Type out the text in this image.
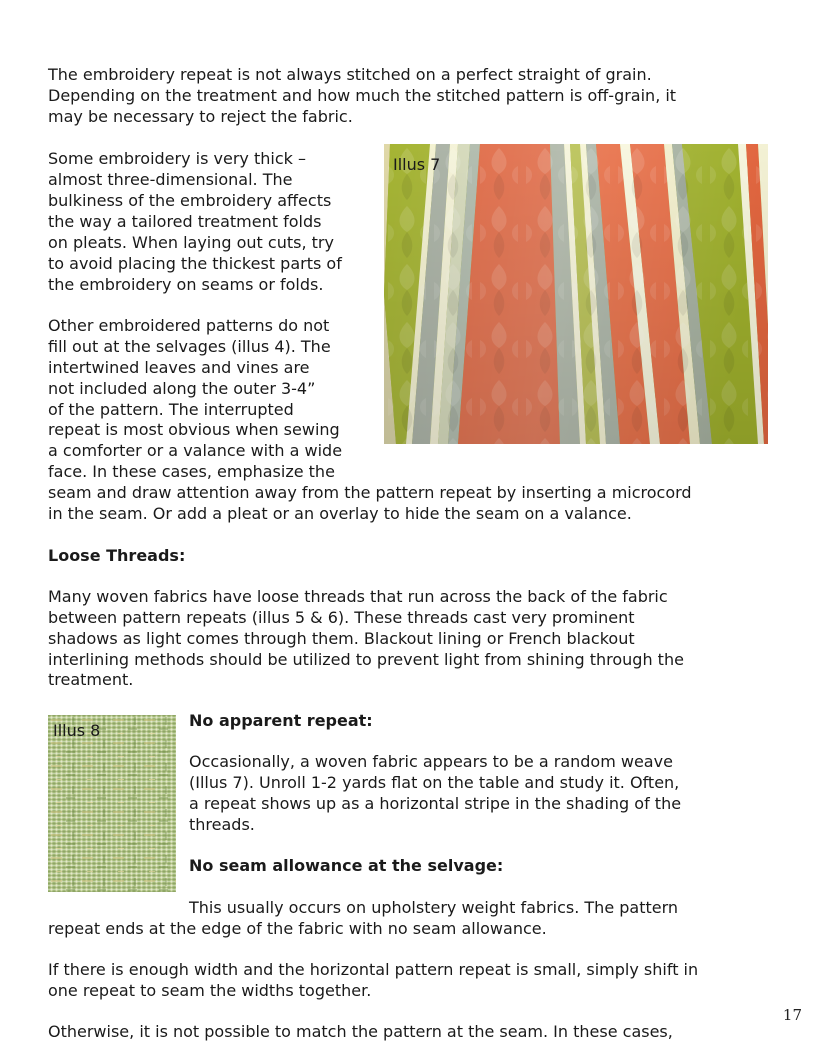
The embroidery repeat is not always stitched on a perfect straight of grain.

Depending on the treatment and how much the stitched pattern is off-grain, it

may be necessary to reject the fabric.

Some embroidery is very thick –

almost three-dimensional. The

bulkiness of the embroidery affects

the way a tailored treatment folds

on pleats. When laying out cuts, try

to avoid placing the thickest parts of

the embroidery on seams or folds.

Other embroidered patterns do not

fill out at the selvages (illus 4). The

intertwined leaves and vines are

not included along the outer 3-4”

of the pattern. The interrupted

repeat is most obvious when sewing

a comforter or a valance with a wide

face. In these cases, emphasize the

seam and draw attention away from the pattern repeat by inserting a microcord

in the seam. Or add a pleat or an overlay to hide the seam on a valance.

Illus 7

Loose Threads:

Many woven fabrics have loose threads that run across the back of the fabric

between pattern repeats (illus 5 & 6). These threads cast very prominent

shadows as light comes through them. Blackout lining or French blackout

interlining methods should be utilized to prevent light from shining through the

treatment.

Illus 8

No apparent repeat:

Occasionally, a woven fabric appears to be a random weave

(Illus 7). Unroll 1-2 yards flat on the table and study it. Often,

a repeat shows up as a horizontal stripe in the shading of the

threads.

No seam allowance at the selvage:

This usually occurs on upholstery weight fabrics. The pattern

repeat ends at the edge of the fabric with no seam allowance.

If there is enough width and the horizontal pattern repeat is small, simply shift in

one repeat to seam the widths together.

Otherwise, it is not possible to match the pattern at the seam. In these cases,

17
